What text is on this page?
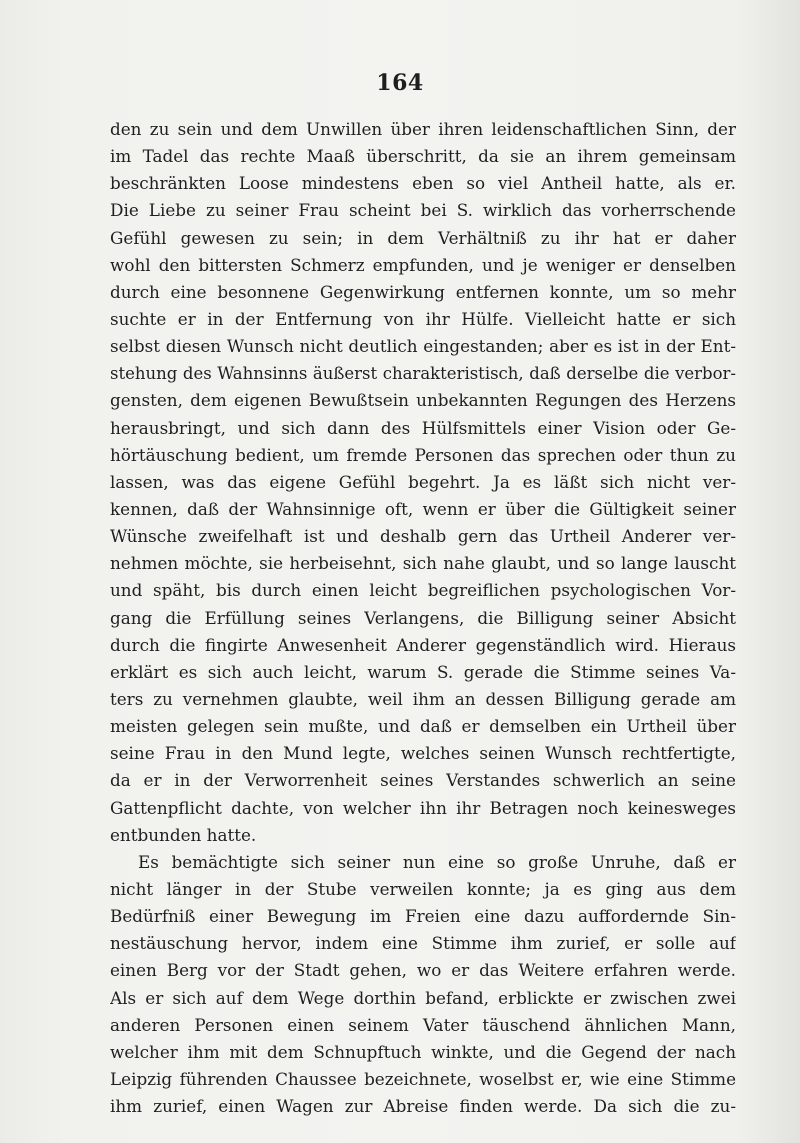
164
den zu sein und dem Unwillen über ihren leidenschaftlichen Sinn, der
im Tadel das rechte Maaß überschritt, da sie an ihrem gemeinsam
beschränkten Loose mindestens eben so viel Antheil hatte, als er.
Die Liebe zu seiner Frau scheint bei S. wirklich das vorherrschende
Gefühl gewesen zu sein; in dem Verhältniß zu ihr hat er daher
wohl den bittersten Schmerz empfunden, und je weniger er denselben
durch eine besonnene Gegenwirkung entfernen konnte, um so mehr
suchte er in der Entfernung von ihr Hülfe. Vielleicht hatte er sich
selbst diesen Wunsch nicht deutlich eingestanden; aber es ist in der Ent-
stehung des Wahnsinns äußerst charakteristisch, daß derselbe die verbor-
gensten, dem eigenen Bewußtsein unbekannten Regungen des Herzens
herausbringt, und sich dann des Hülfsmittels einer Vision oder Ge-
hörtäuschung bedient, um fremde Personen das sprechen oder thun zu
lassen, was das eigene Gefühl begehrt. Ja es läßt sich nicht ver-
kennen, daß der Wahnsinnige oft, wenn er über die Gültigkeit seiner
Wünsche zweifelhaft ist und deshalb gern das Urtheil Anderer ver-
nehmen möchte, sie herbeisehnt, sich nahe glaubt, und so lange lauscht
und späht, bis durch einen leicht begreiflichen psychologischen Vor-
gang die Erfüllung seines Verlangens, die Billigung seiner Absicht
durch die fingirte Anwesenheit Anderer gegenständlich wird. Hieraus
erklärt es sich auch leicht, warum S. gerade die Stimme seines Va-
ters zu vernehmen glaubte, weil ihm an dessen Billigung gerade am
meisten gelegen sein mußte, und daß er demselben ein Urtheil über
seine Frau in den Mund legte, welches seinen Wunsch rechtfertigte,
da er in der Verworrenheit seines Verstandes schwerlich an seine
Gattenpflicht dachte, von welcher ihn ihr Betragen noch keinesweges
entbunden hatte.
Es bemächtigte sich seiner nun eine so große Unruhe, daß er
nicht länger in der Stube verweilen konnte; ja es ging aus dem
Bedürfniß einer Bewegung im Freien eine dazu auffordernde Sin-
nestäuschung hervor, indem eine Stimme ihm zurief, er solle auf
einen Berg vor der Stadt gehen, wo er das Weitere erfahren werde.
Als er sich auf dem Wege dorthin befand, erblickte er zwischen zwei
anderen Personen einen seinem Vater täuschend ähnlichen Mann,
welcher ihm mit dem Schnupftuch winkte, und die Gegend der nach
Leipzig führenden Chaussee bezeichnete, woselbst er, wie eine Stimme
ihm zurief, einen Wagen zur Abreise finden werde. Da sich die zu-
